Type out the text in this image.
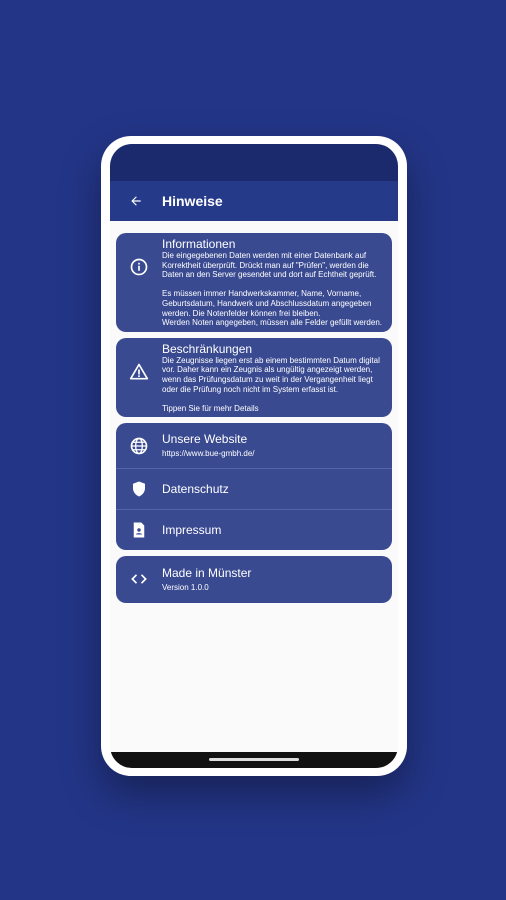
Hinweise
Informationen
Die eingegebenen Daten werden mit einer Datenbank auf Korrektheit überprüft. Drückt man auf "Prüfen", werden die Daten an den Server gesendet und dort auf Echtheit geprüft.

Es müssen immer Handwerkskammer, Name, Vorname, Geburtsdatum, Handwerk und Abschlussdatum angegeben werden. Die Notenfelder können frei bleiben.
Werden Noten angegeben, müssen alle Felder gefüllt werden.
Beschränkungen
Die Zeugnisse liegen erst ab einem bestimmten Datum digital vor. Daher kann ein Zeugnis als ungültig angezeigt werden, wenn das Prüfungsdatum zu weit in der Vergangenheit liegt oder die Prüfung noch nicht im System erfasst ist.

Tippen Sie für mehr Details
Unsere Website
https://www.bue-gmbh.de/
Datenschutz
Impressum
Made in Münster
Version 1.0.0
